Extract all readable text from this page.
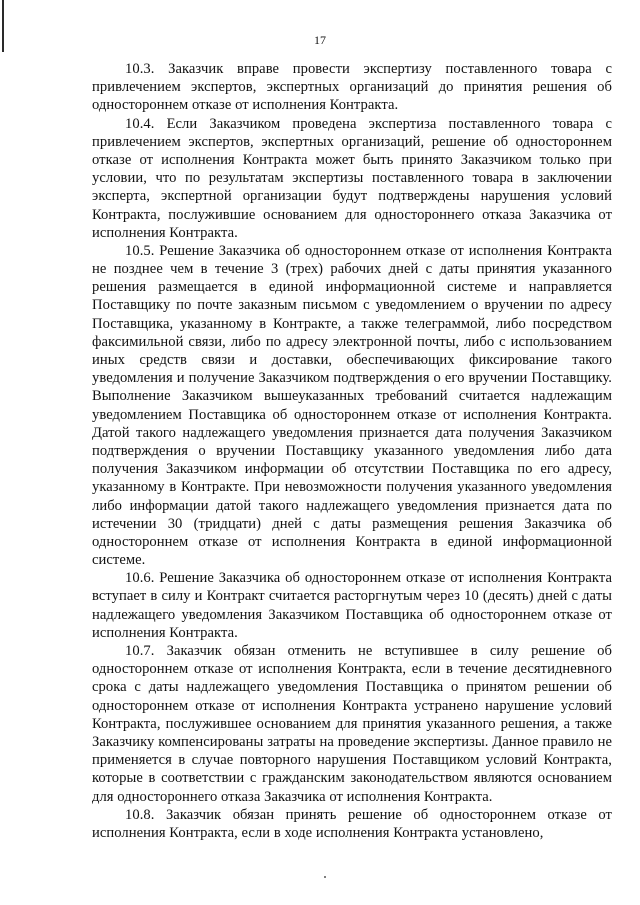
17

10.3. Заказчик вправе провести экспертизу поставленного товара с привлечением экспертов, экспертных организаций до принятия решения об одностороннем отказе от исполнения Контракта.

10.4. Если Заказчиком проведена экспертиза поставленного товара с привлечением экспертов, экспертных организаций, решение об одностороннем отказе от исполнения Контракта может быть принято Заказчиком только при условии, что по результатам экспертизы поставленного товара в заключении эксперта, экспертной организации будут подтверждены нарушения условий Контракта, послужившие основанием для одностороннего отказа Заказчика от исполнения Контракта.

10.5. Решение Заказчика об одностороннем отказе от исполнения Контракта не позднее чем в течение 3 (трех) рабочих дней с даты принятия указанного решения размещается в единой информационной системе и направляется Поставщику по почте заказным письмом с уведомлением о вручении по адресу Поставщика, указанному в Контракте, а также телеграммой, либо посредством факсимильной связи, либо по адресу электронной почты, либо с использованием иных средств связи и доставки, обеспечивающих фиксирование такого уведомления и получение Заказчиком подтверждения о его вручении Поставщику. Выполнение Заказчиком вышеуказанных требований считается надлежащим уведомлением Поставщика об одностороннем отказе от исполнения Контракта. Датой такого надлежащего уведомления признается дата получения Заказчиком подтверждения о вручении Поставщику указанного уведомления либо дата получения Заказчиком информации об отсутствии Поставщика по его адресу, указанному в Контракте. При невозможности получения указанного уведомления либо информации датой такого надлежащего уведомления признается дата по истечении 30 (тридцати) дней с даты размещения решения Заказчика об одностороннем отказе от исполнения Контракта в единой информационной системе.

10.6. Решение Заказчика об одностороннем отказе от исполнения Контракта вступает в силу и Контракт считается расторгнутым через 10 (десять) дней с даты надлежащего уведомления Заказчиком Поставщика об одностороннем отказе от исполнения Контракта.

10.7. Заказчик обязан отменить не вступившее в силу решение об одностороннем отказе от исполнения Контракта, если в течение десятидневного срока с даты надлежащего уведомления Поставщика о принятом решении об одностороннем отказе от исполнения Контракта устранено нарушение условий Контракта, послужившее основанием для принятия указанного решения, а также Заказчику компенсированы затраты на проведение экспертизы. Данное правило не применяется в случае повторного нарушения Поставщиком условий Контракта, которые в соответствии с гражданским законодательством являются основанием для одностороннего отказа Заказчика от исполнения Контракта.

10.8. Заказчик обязан принять решение об одностороннем отказе от исполнения Контракта, если в ходе исполнения Контракта установлено,
